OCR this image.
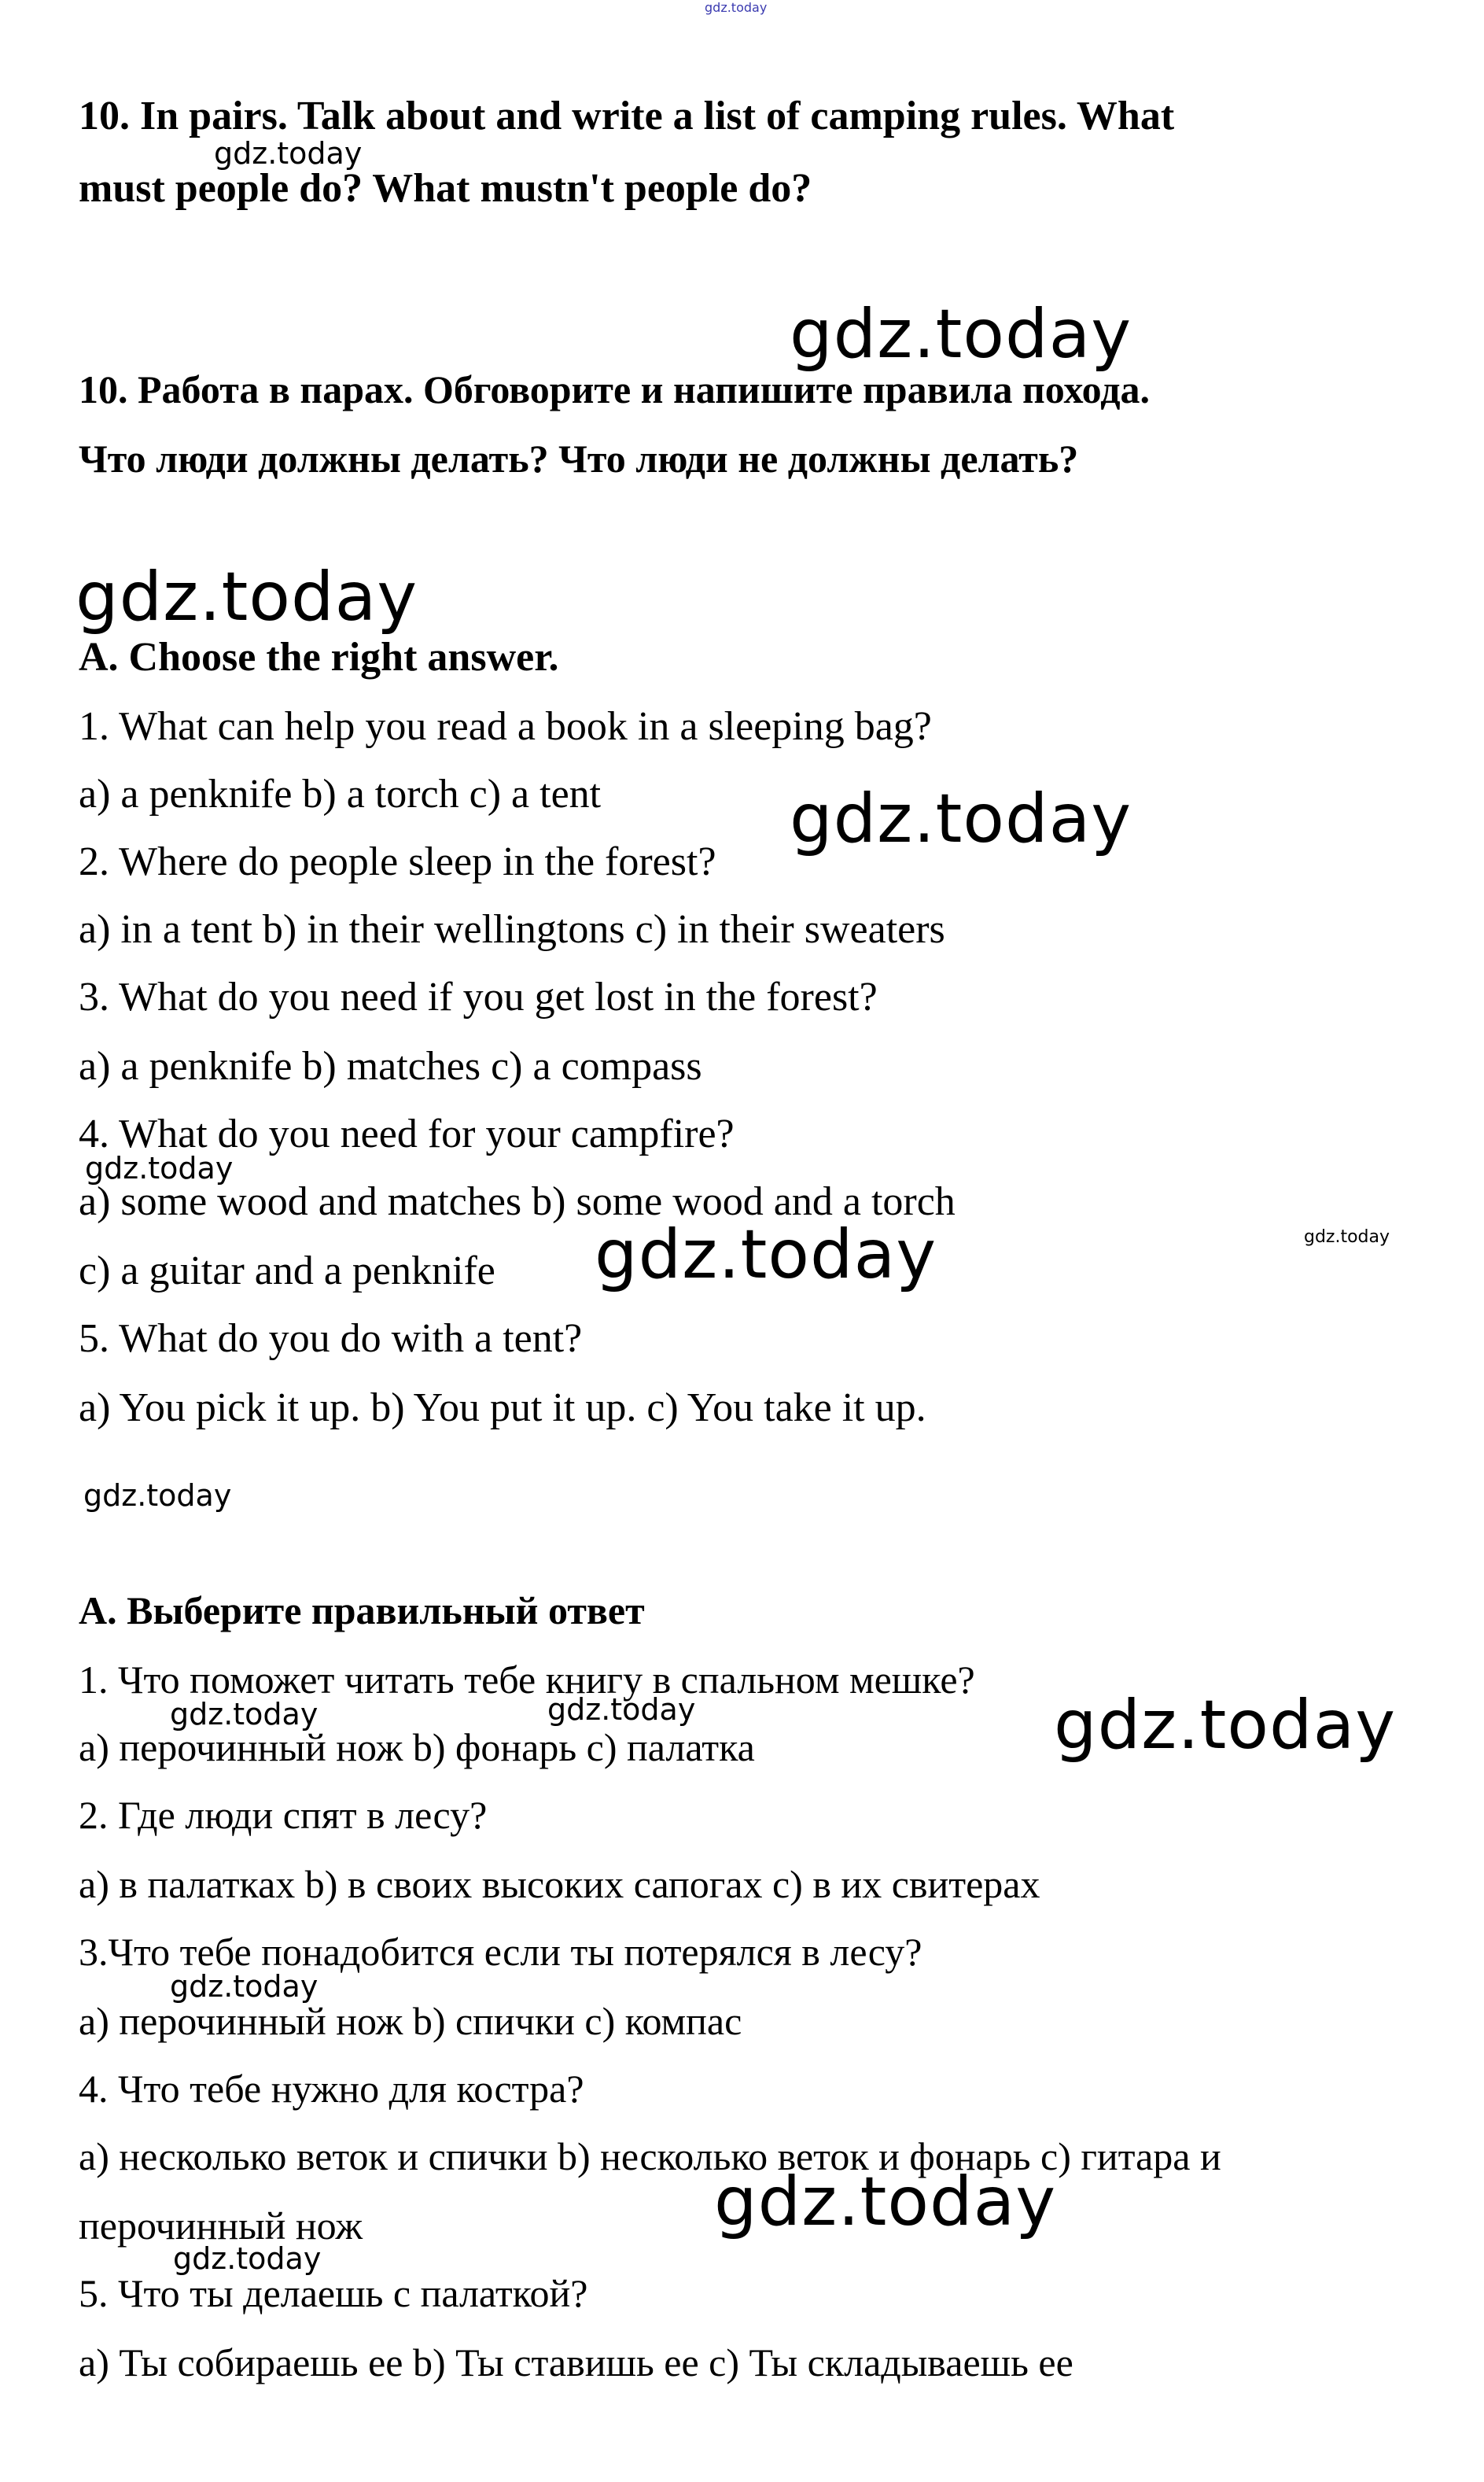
gdz.today
gdz.today
gdz.today
gdz.today
gdz.today
gdz.today
gdz.today	gdz.today
gdz.today
gdz.today	gdz.today	gdz.today
gdz.today
gdz.today
gdz.today

10. In pairs. Talk about and write a list of camping rules. What

must people do? What mustn't people do?

10. Работа в парах. Обговорите и напишите правила похода.

Что люди должны делать? Что люди не должны делать?

A. Choose the right answer.

1. What can help you read a book in a sleeping bag?

a) a penknife b) a torch c) a tent

2. Where do people sleep in the forest?

a) in a tent b) in their wellingtons c) in their sweaters

3. What do you need if you get lost in the forest?

a) a penknife b) matches c) a compass

4. What do you need for your campfire?

a) some wood and matches b) some wood and a torch

c) a guitar and a penknife

5. What do you do with a tent?

a) You pick it up. b) You put it up. c) You take it up.

A. Выберите правильный ответ

1. Что поможет читать тебе книгу в спальном мешке?

a) перочинный нож b) фонарь c) палатка

2. Где люди спят в лесу?

a) в палатках b) в своих высоких сапогах c) в их свитерах

3.Что тебе понадобится если ты потерялся в лесу?

a) перочинный нож b) спички c) компас

4. Что тебе нужно для костра?

a) несколько веток и спички b) несколько веток и фонарь c) гитара и

перочинный нож

5. Что ты делаешь с палаткой?

a) Ты собираешь ее b) Ты ставишь ее c) Ты складываешь ее
